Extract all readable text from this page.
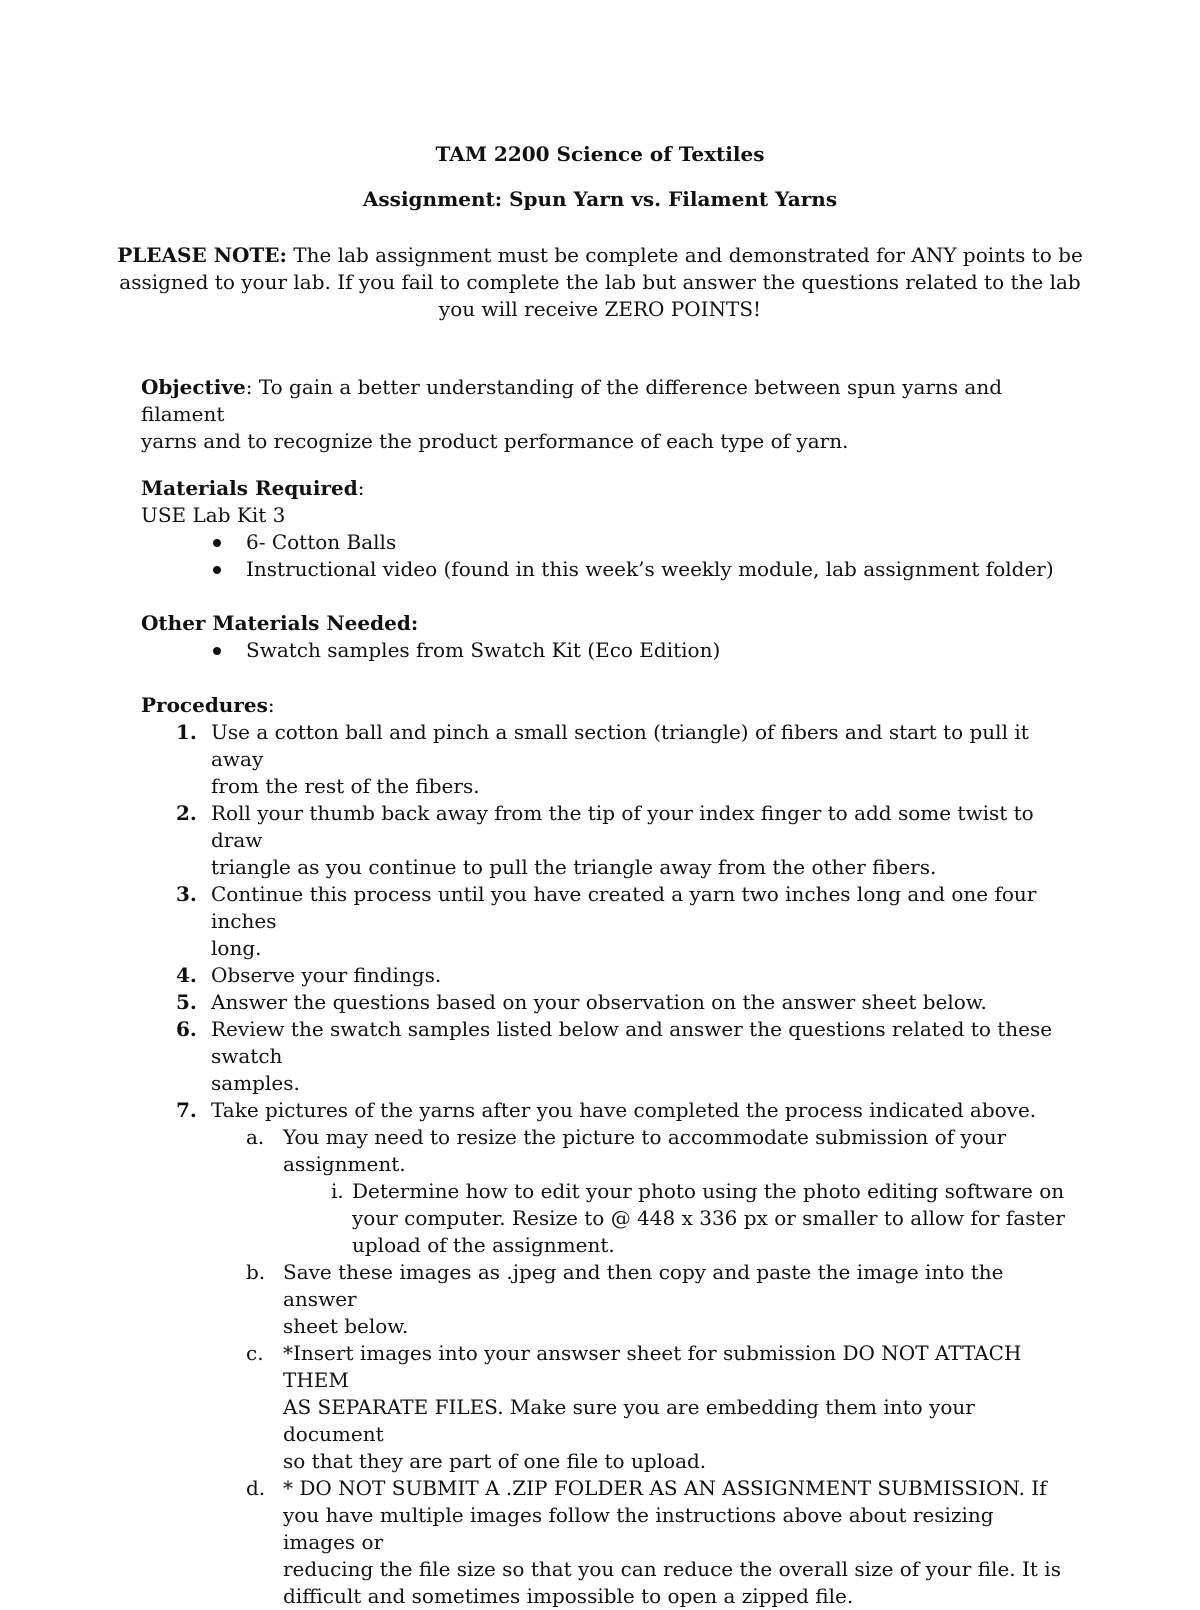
TAM 2200 Science of Textiles
Assignment: Spun Yarn vs. Filament Yarns
PLEASE NOTE: The lab assignment must be complete and demonstrated for ANY points to be
assigned to your lab. If you fail to complete the lab but answer the questions related to the lab
you will receive ZERO POINTS!
Objective: To gain a better understanding of the difference between spun yarns and filament
yarns and to recognize the product performance of each type of yarn.
Materials Required:
USE Lab Kit 3
6- Cotton Balls
Instructional video (found in this week’s weekly module, lab assignment folder)
Other Materials Needed:
Swatch samples from Swatch Kit (Eco Edition)
Procedures:
1. Use a cotton ball and pinch a small section (triangle) of fibers and start to pull it away
from the rest of the fibers.
2. Roll your thumb back away from the tip of your index finger to add some twist to draw
triangle as you continue to pull the triangle away from the other fibers.
3. Continue this process until you have created a yarn two inches long and one four inches
long.
4. Observe your findings.
5. Answer the questions based on your observation on the answer sheet below.
6. Review the swatch samples listed below and answer the questions related to these swatch
samples.
7. Take pictures of the yarns after you have completed the process indicated above.
a. You may need to resize the picture to accommodate submission of your
assignment.
i. Determine how to edit your photo using the photo editing software on
your computer. Resize to @ 448 x 336 px or smaller to allow for faster
upload of the assignment.
b. Save these images as .jpeg and then copy and paste the image into the answer
sheet below.
c. *Insert images into your answser sheet for submission DO NOT ATTACH THEM
AS SEPARATE FILES. Make sure you are embedding them into your document
so that they are part of one file to upload.
d. * DO NOT SUBMIT A .ZIP FOLDER AS AN ASSIGNMENT SUBMISSION. If
you have multiple images follow the instructions above about resizing images or
reducing the file size so that you can reduce the overall size of your file. It is
difficult and sometimes impossible to open a zipped file.
